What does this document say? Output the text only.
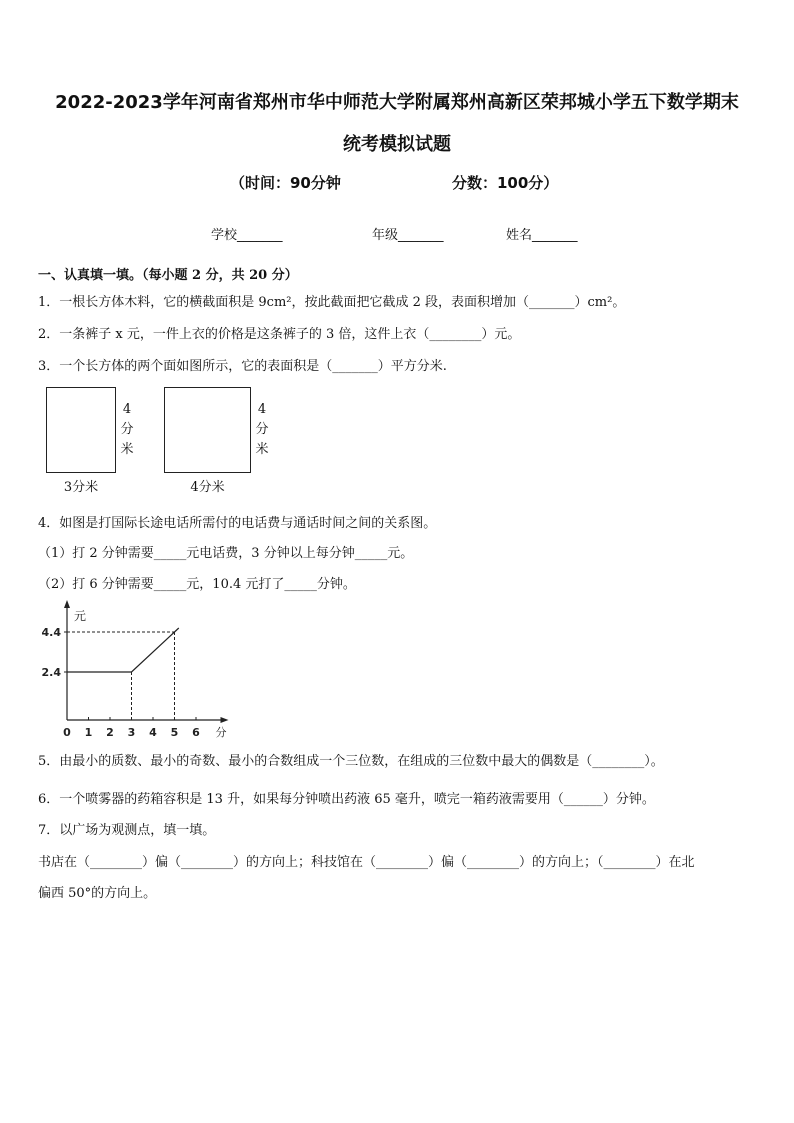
2022-2023学年河南省郑州市华中师范大学附属郑州高新区荣邦城小学五下数学期末
统考模拟试题
（时间：90分钟	分数：100分）
学校_______	年级_______	姓名_______
一、认真填一填。（每小题 2 分，共 20 分）
1．一根长方体木料，它的横截面积是 9cm²，按此截面把它截成 2 段，表面积增加（_______）cm²。
2．一条裤子 x 元，一件上衣的价格是这条裤子的 3 倍，这件上衣（________）元。
3．一个长方体的两个面如图所示，它的表面积是（_______）平方分米.
3分米
4
分
米
4分米
4
分
米
4．如图是打国际长途电话所需付的电话费与通话时间之间的关系图。
（1）打 2 分钟需要_____元电话费，3 分钟以上每分钟_____元。
（2）打 6 分钟需要_____元，10.4 元打了_____分钟。
元
分
0 1 2 3 4 5 6
2.4
4.4
5．由最小的质数、最小的奇数、最小的合数组成一个三位数，在组成的三位数中最大的偶数是（________）。
6．一个喷雾器的药箱容积是 13 升，如果每分钟喷出药液 65 毫升，喷完一箱药液需要用（______）分钟。
7．以广场为观测点，填一填。
书店在（________）偏（________）的方向上；科技馆在（________）偏（________）的方向上；（________）在北
偏西 50°的方向上。
